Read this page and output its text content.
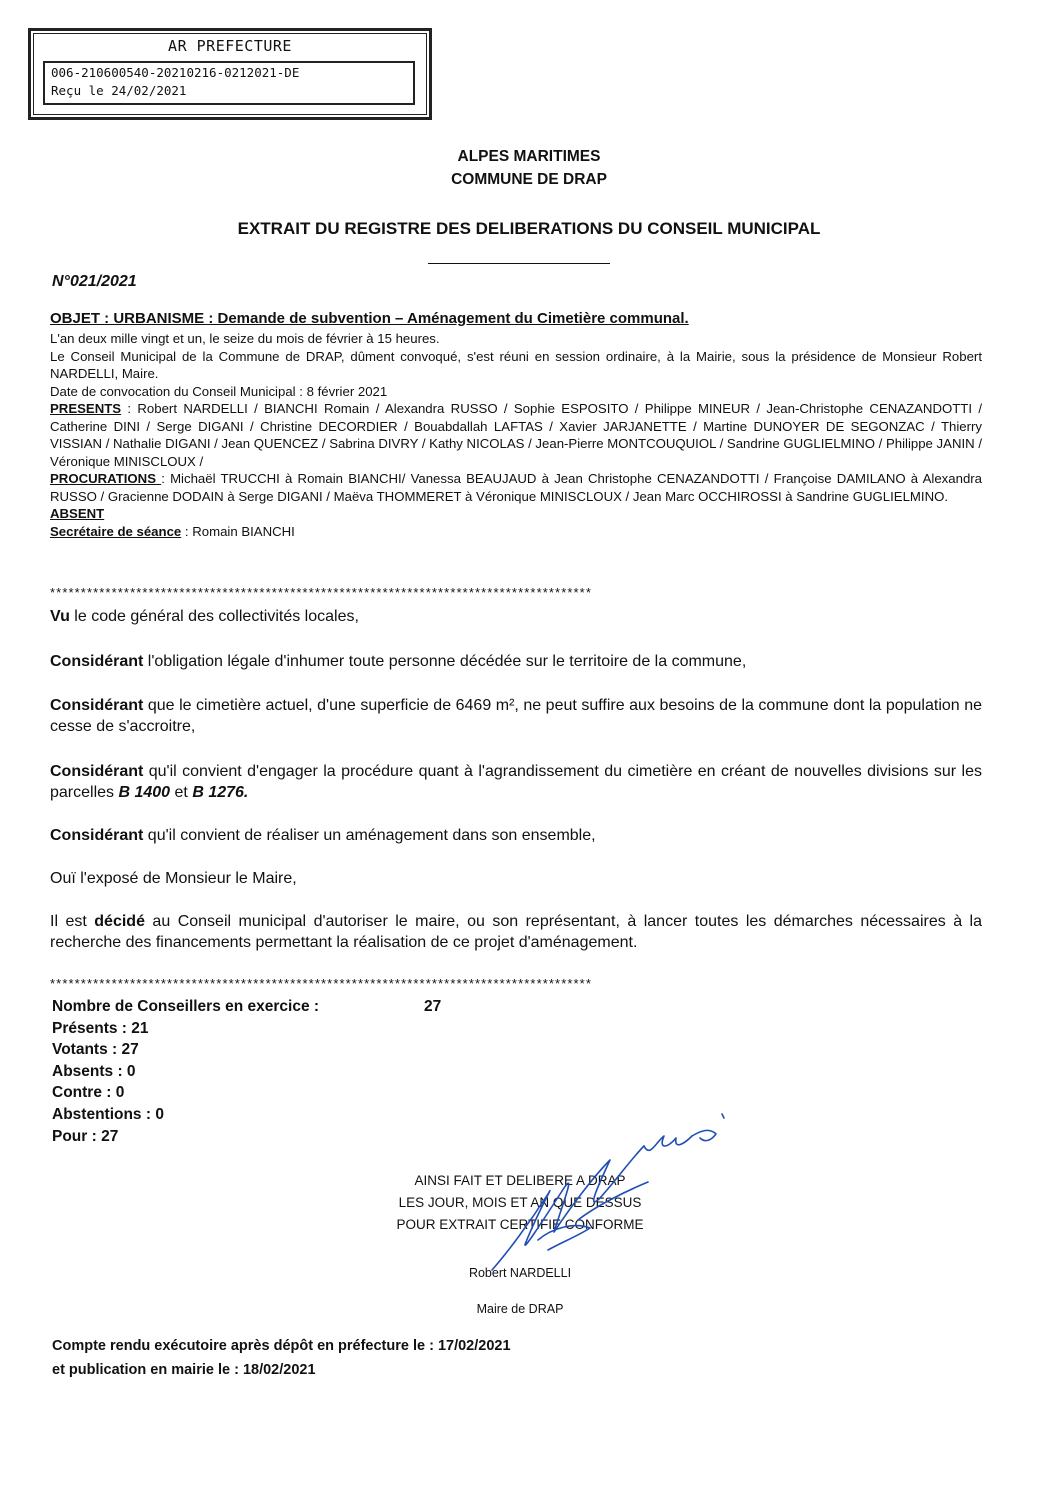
AR PREFECTURE
006-210600540-20210216-0212021-DE
Reçu le 24/02/2021
ALPES MARITIMES
COMMUNE DE DRAP
EXTRAIT DU REGISTRE DES DELIBERATIONS DU CONSEIL MUNICIPAL
N°021/2021
OBJET : URBANISME : Demande de subvention – Aménagement du Cimetière communal.
L'an deux mille vingt et un, le seize du mois de février à 15 heures.
Le Conseil Municipal de la Commune de DRAP, dûment convoqué, s'est réuni en session ordinaire, à la Mairie, sous la présidence de Monsieur Robert NARDELLI, Maire.
Date de convocation du Conseil Municipal : 8 février 2021
PRESENTS : Robert NARDELLI / BIANCHI Romain / Alexandra RUSSO / Sophie ESPOSITO / Philippe MINEUR / Jean-Christophe CENAZANDOTTI / Catherine DINI / Serge DIGANI / Christine DECORDIER / Bouabdallah LAFTAS / Xavier JARJANETTE / Martine DUNOYER DE SEGONZAC / Thierry VISSIAN / Nathalie DIGANI / Jean QUENCEZ / Sabrina DIVRY / Kathy NICOLAS / Jean-Pierre MONTCOUQUIOL / Sandrine GUGLIELMINO / Philippe JANIN / Véronique MINISCLOUX /
PROCURATIONS : Michaël TRUCCHI à Romain BIANCHI/ Vanessa BEAUJAUD à Jean Christophe CENAZANDOTTI / Françoise DAMILANO à Alexandra RUSSO / Gracienne DODAIN à Serge DIGANI / Maëva THOMMERET à Véronique MINISCLOUX / Jean Marc OCCHIROSSI à Sandrine GUGLIELMINO.
ABSENT
Secrétaire de séance : Romain BIANCHI
****************************************************************************************
Vu le code général des collectivités locales,
Considérant l'obligation légale d'inhumer toute personne décédée sur le territoire de la commune,
Considérant que le cimetière actuel, d'une superficie de 6469 m², ne peut suffire aux besoins de la commune dont la population ne cesse de s'accroitre,
Considérant qu'il convient d'engager la procédure quant à l'agrandissement du cimetière en créant de nouvelles divisions sur les parcelles B 1400 et B 1276.
Considérant qu'il convient de réaliser un aménagement dans son ensemble,
Ouï l'exposé de Monsieur le Maire,
Il est décidé au Conseil municipal d'autoriser le maire, ou son représentant, à lancer toutes les démarches nécessaires à la recherche des financements permettant la réalisation de ce projet d'aménagement.
****************************************************************************************
Nombre de Conseillers en exercice :	27
Présents : 21
Votants : 27
Absents : 0
Contre : 0
Abstentions : 0
Pour : 27
AINSI FAIT ET DELIBERE A DRAP
LES JOUR, MOIS ET AN QUE DESSUS
POUR EXTRAIT CERTIFIE CONFORME
Robert NARDELLI
Maire de DRAP
Compte rendu exécutoire après dépôt en préfecture le : 17/02/2021
et publication en mairie le : 18/02/2021
